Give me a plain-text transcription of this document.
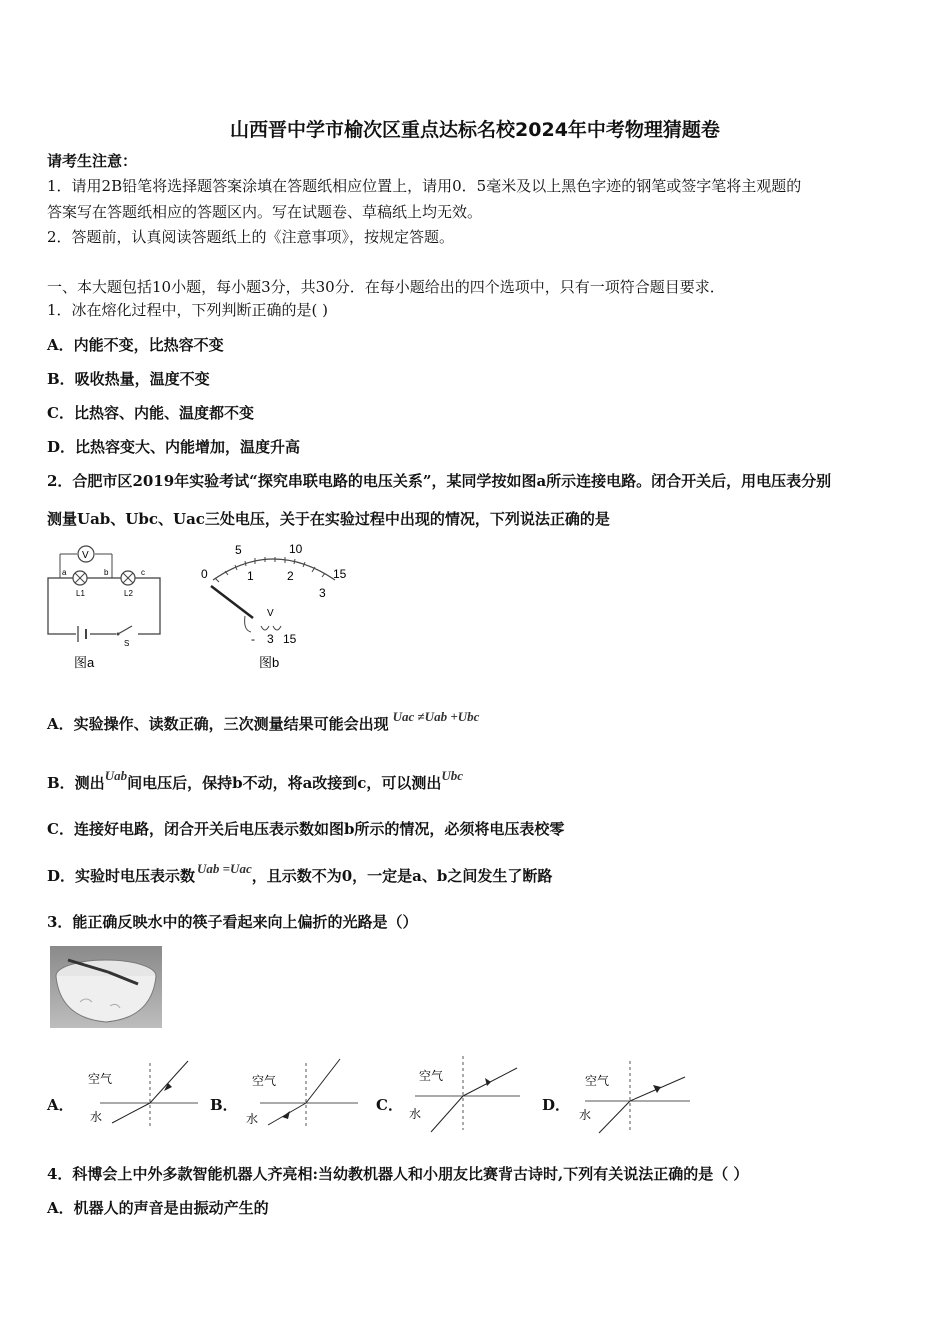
山西晋中学市榆次区重点达标名校2024年中考物理猜题卷
请考生注意：
1．请用2B铅笔将选择题答案涂填在答题纸相应位置上，请用0．5毫米及以上黑色字迹的钢笔或签字笔将主观题的
答案写在答题纸相应的答题区内。写在试题卷、草稿纸上均无效。
2．答题前，认真阅读答题纸上的《注意事项》，按规定答题。
一、本大题包括10小题，每小题3分，共30分．在每小题给出的四个选项中，只有一项符合题目要求．
1．冰在熔化过程中，下列判断正确的是( )
A．内能不变，比热容不变
B．吸收热量，温度不变
C．比热容、内能、温度都不变
D．比热容变大、内能增加，温度升高
2．合肥市区2019年实验考试“探究串联电路的电压关系”，某同学按如图a所示连接电路。闭合开关后，用电压表分别
测量Uab、Ubc、Uac三处电压，关于在实验过程中出现的情况，下列说法正确的是
V
a	b	c
L1	L2
S
图a
5	10
0	1	2
3
15
V
- 3 15
图b
A．实验操作、读数正确，三次测量结果可能会出现 Uac ≠Uab +Ubc
B．测出Uab间电压后，保持b不动，将a改接到c，可以测出Ubc
C．连接好电路，闭合开关后电压表示数如图b所示的情况，必须将电压表校零
D．实验时电压表示数 Uab =Uac，且示数不为0，一定是a、b之间发生了断路
3．能正确反映水中的筷子看起来向上偏折的光路是（）
A．
空气
水
B．
空气
水
C．
空气
水	D．
空气
水
4．科博会上中外多款智能机器人齐亮相:当幼教机器人和小朋友比赛背古诗时,下列有关说法正确的是（ ）
A．机器人的声音是由振动产生的
